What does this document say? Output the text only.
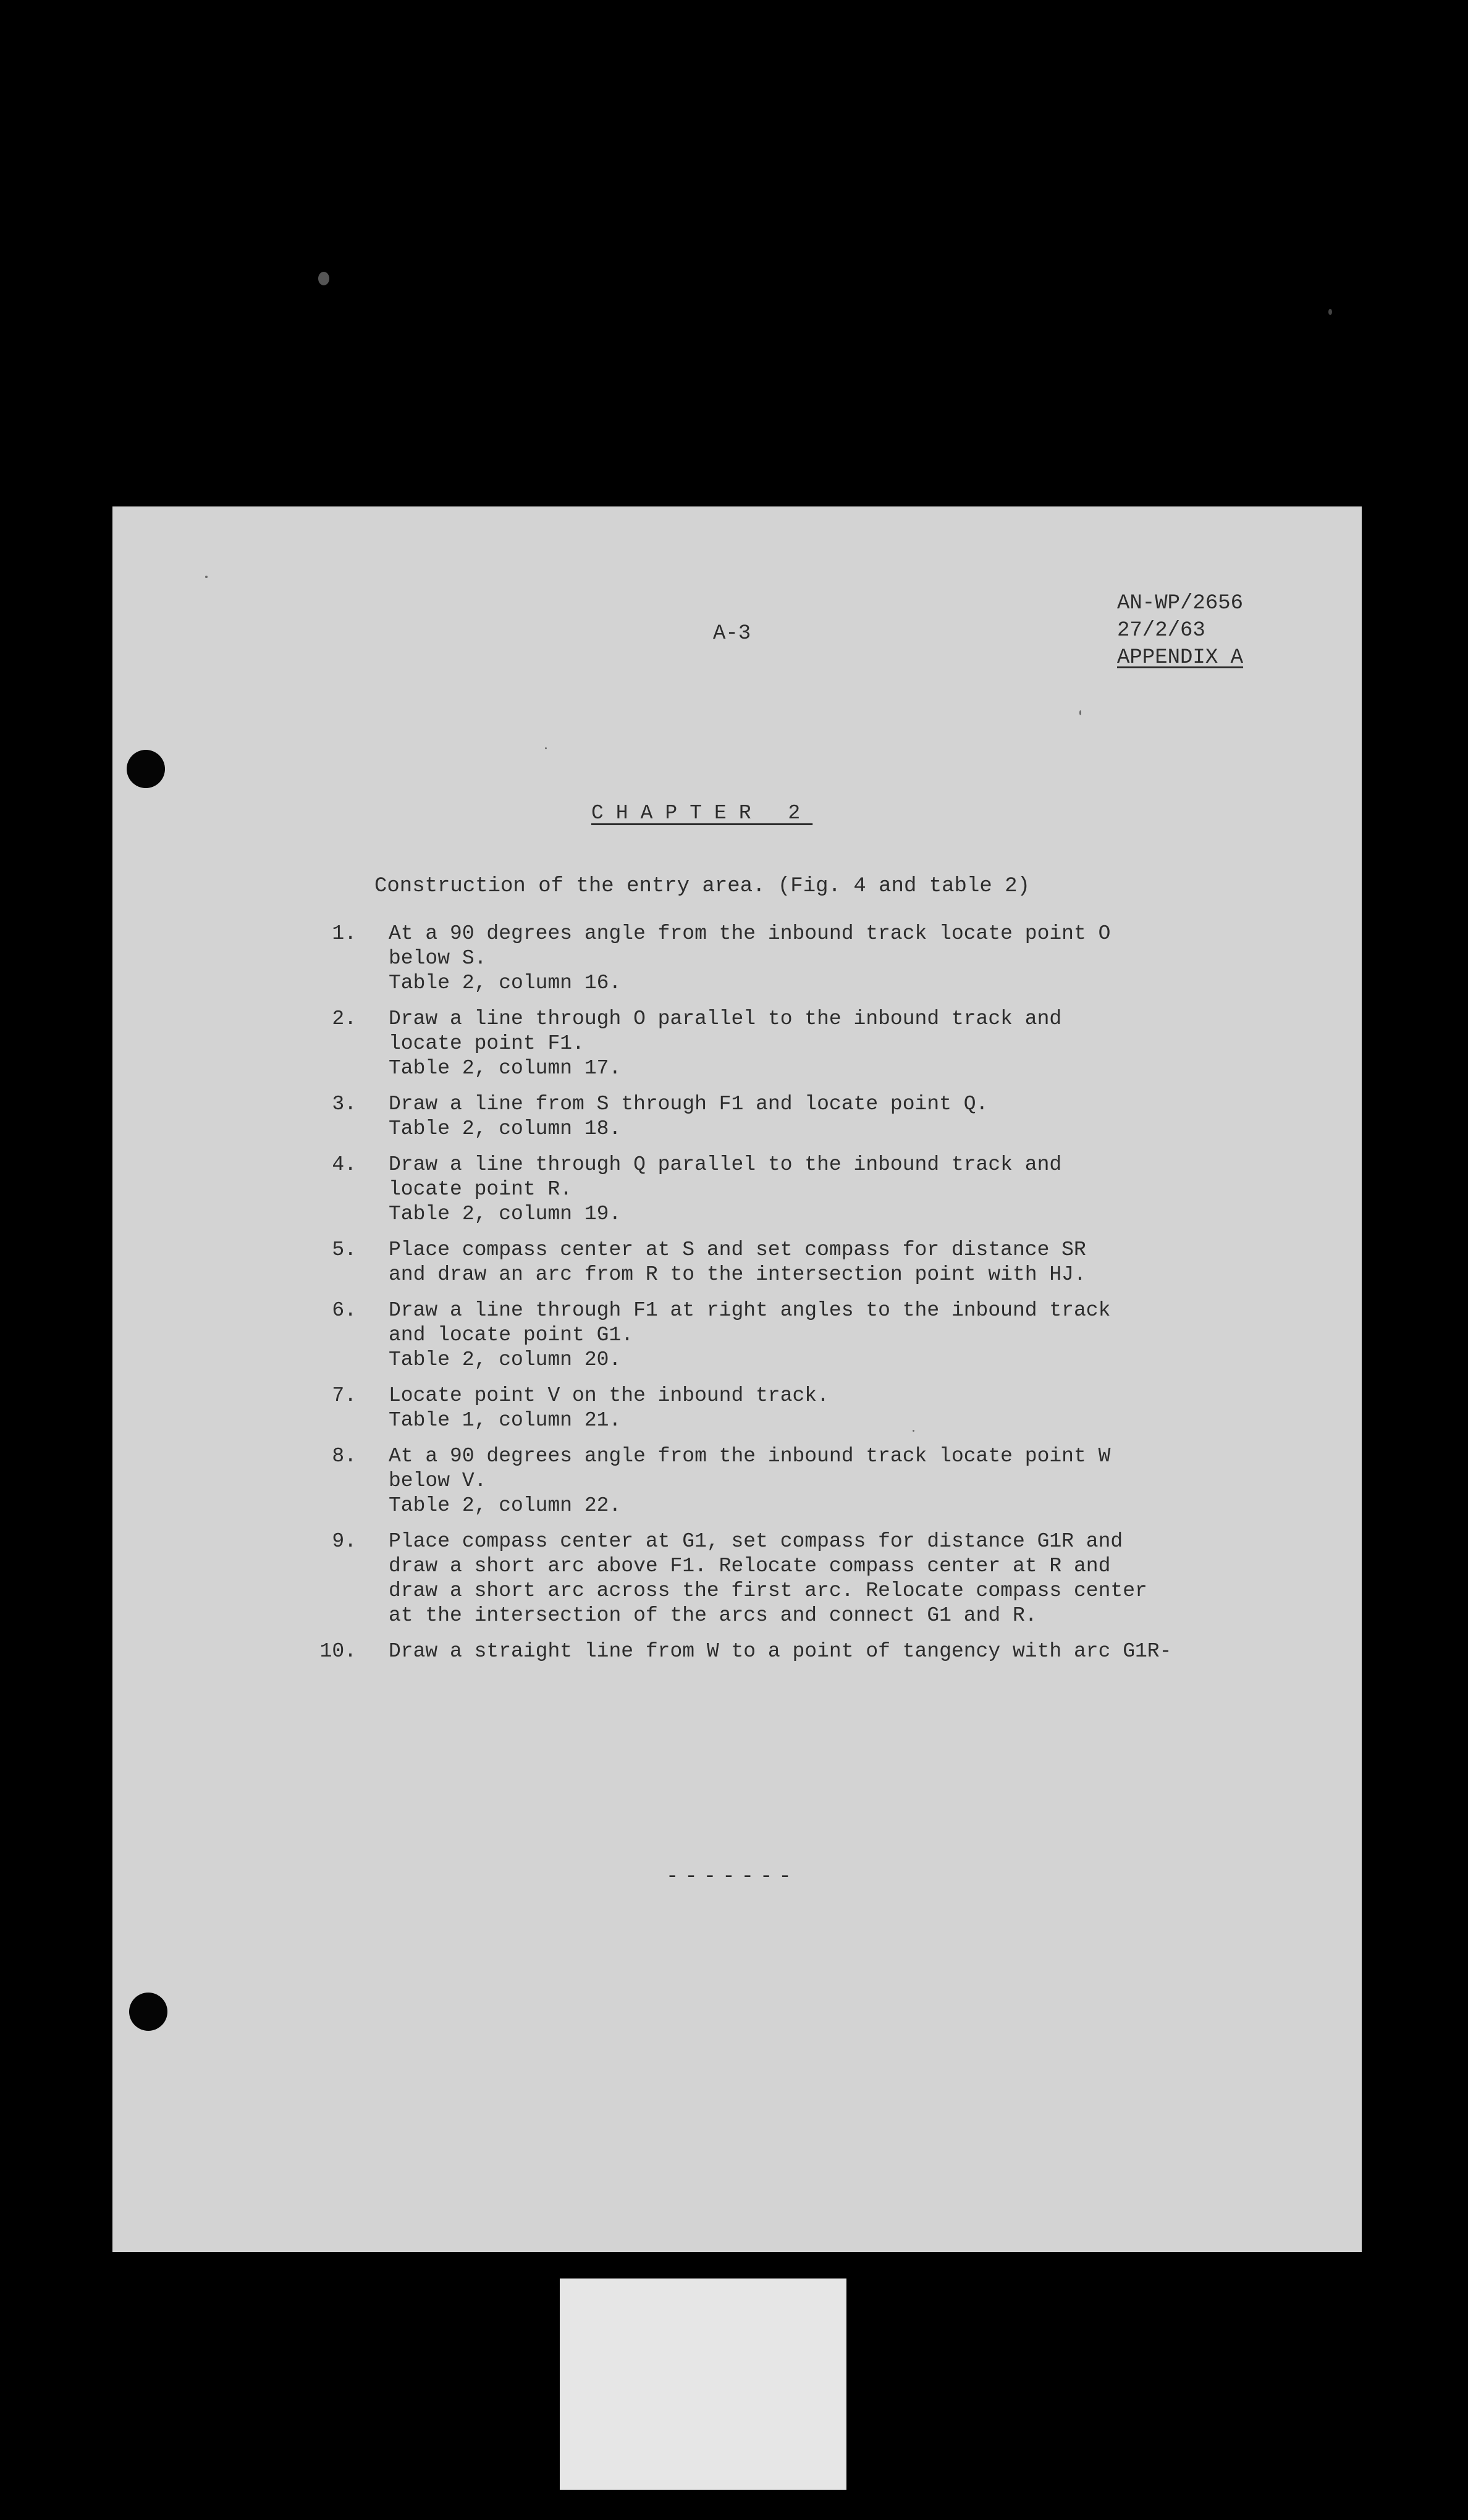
A-3
AN-WP/2656
27/2/63
APPENDIX A
CHAPTER 2
Construction of the entry area. (Fig. 4 and table 2)
1. At a 90 degrees angle from the inbound track locate point O
below S.
Table 2, column 16.
2. Draw a line through O parallel to the inbound track and
locate point F1.
Table 2, column 17.
3. Draw a line from S through F1 and locate point Q.
Table 2, column 18.
4. Draw a line through Q parallel to the inbound track and
locate point R.
Table 2, column 19.
5. Place compass center at S and set compass for distance SR
and draw an arc from R to the intersection point with HJ.
6. Draw a line through F1 at right angles to the inbound track
and locate point G1.
Table 2, column 20.
7. Locate point V on the inbound track.
Table 1, column 21.
8. At a 90 degrees angle from the inbound track locate point W
below V.
Table 2, column 22.
9. Place compass center at G1, set compass for distance G1R and
draw a short arc above F1. Relocate compass center at R and
draw a short arc across the first arc. Relocate compass center
at the intersection of the arcs and connect G1 and R.
10. Draw a straight line from W to a point of tangency with arc G1R-
-------
